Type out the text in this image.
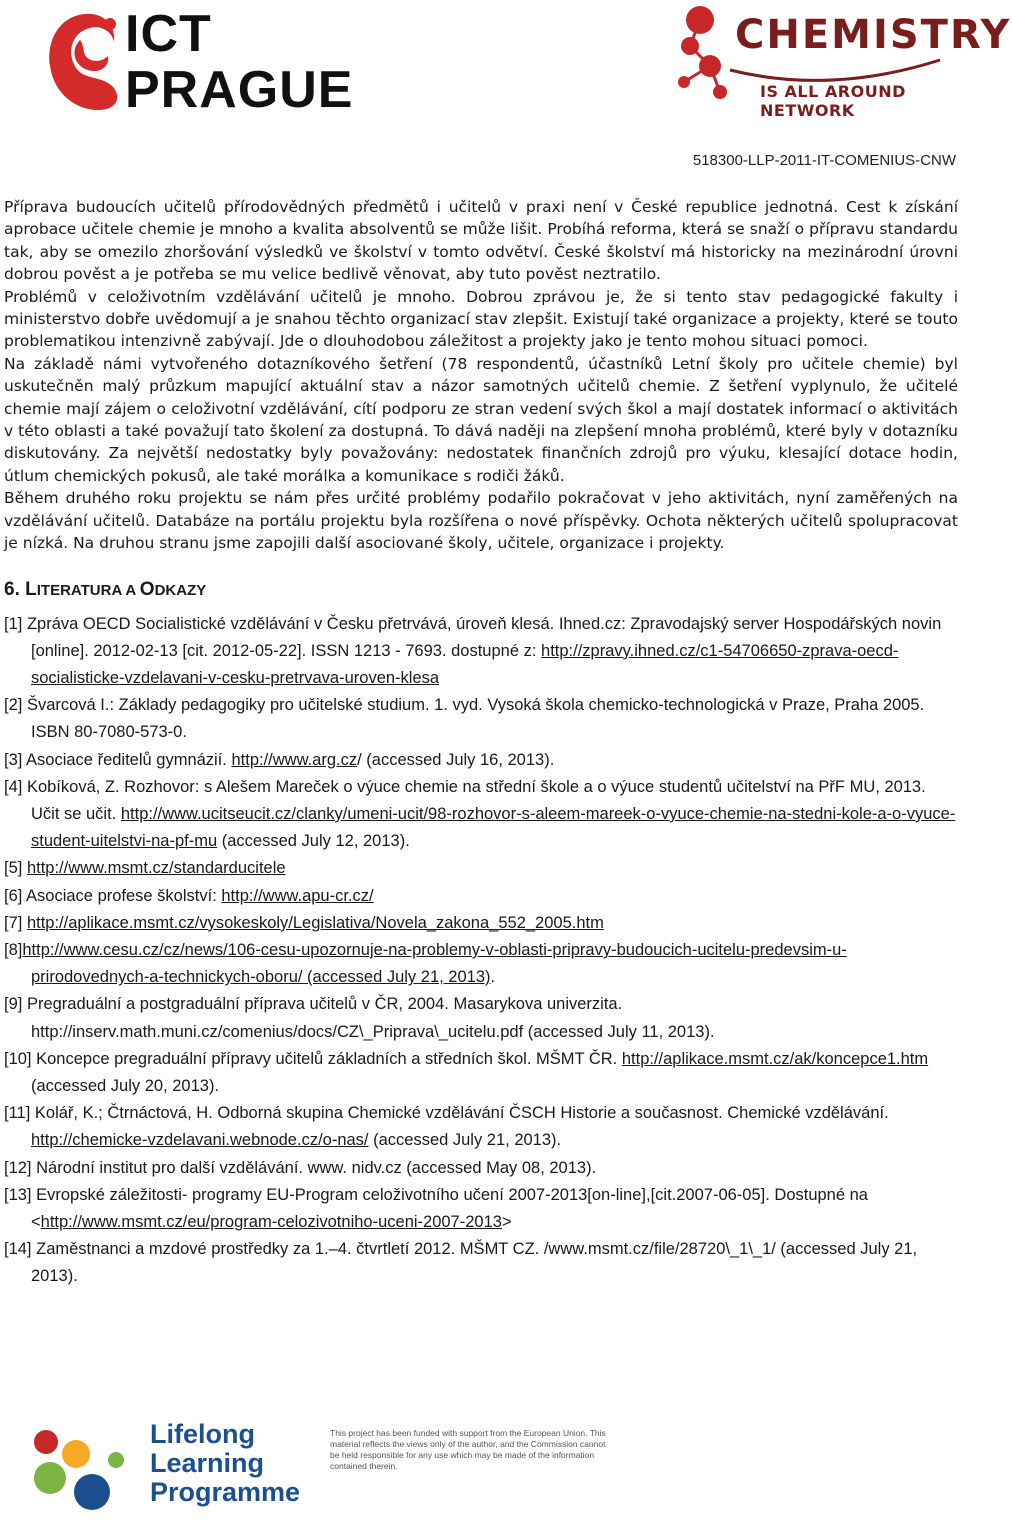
ICT
PRAGUE
CHEMISTRY
IS ALL AROUND NETWORK
518300-LLP-2011-IT-COMENIUS-CNW

Příprava budoucích učitelů přírodovědných předmětů i učitelů v praxi není v České republice jednotná. Cest k získání aprobace učitele chemie je mnoho a kvalita absolventů se může lišit. Probíhá reforma, která se snaží o přípravu standardu tak, aby se omezilo zhoršování výsledků ve školství v tomto odvětví. České školství má historicky na mezinárodní úrovni dobrou pověst a je potřeba se mu velice bedlivě věnovat, aby tuto pověst neztratilo.

Problémů v celoživotním vzdělávání učitelů je mnoho. Dobrou zprávou je, že si tento stav pedagogické fakulty i ministerstvo dobře uvědomují a je snahou těchto organizací stav zlepšit. Existují také organizace a projekty, které se touto problematikou intenzivně zabývají. Jde o dlouhodobou záležitost a projekty jako je tento mohou situaci pomoci.

Na základě námi vytvořeného dotazníkového šetření (78 respondentů, účastníků Letní školy pro učitele chemie) byl uskutečněn malý průzkum mapující aktuální stav a názor samotných učitelů chemie. Z šetření vyplynulo, že učitelé chemie mají zájem o celoživotní vzdělávání, cítí podporu ze stran vedení svých škol a mají dostatek informací o aktivitách v této oblasti a také považují tato školení za dostupná. To dává naději na zlepšení mnoha problémů, které byly v dotazníku diskutovány. Za největší nedostatky byly považovány: nedostatek finančních zdrojů pro výuku, klesající dotace hodin, útlum chemických pokusů, ale také morálka a komunikace s rodiči žáků.

Během druhého roku projektu se nám přes určité problémy podařilo pokračovat v jeho aktivitách, nyní zaměřených na vzdělávání učitelů. Databáze na portálu projektu byla rozšířena o nové příspěvky. Ochota některých učitelů spolupracovat je nízká. Na druhou stranu jsme zapojili další asociované školy, učitele, organizace i projekty.

6. LITERATURA A ODKAZY
[1] Zpráva OECD Socialistické vzdělávání v Česku přetrvává, úroveň klesá. Ihned.cz: Zpravodajský server Hospodářských novin [online]. 2012-02-13 [cit. 2012-05-22]. ISSN 1213 - 7693. dostupné z: http://zpravy.ihned.cz/c1-54706650-zprava-oecd-socialisticke-vzdelavani-v-cesku-pretrvava-uroven-klesa
[2] Švarcová I.: Základy pedagogiky pro učitelské studium. 1. vyd. Vysoká škola chemicko-technologická v Praze, Praha 2005. ISBN 80-7080-573-0.
[3] Asociace ředitelů gymnázií. http://www.arg.cz/ (accessed July 16, 2013).
[4] Kobíková, Z. Rozhovor: s Alešem Mareček o výuce chemie na střední škole a o výuce studentů učitelství na PřF MU, 2013. Učit se učit. http://www.ucitseucit.cz/clanky/umeni-ucit/98-rozhovor-s-aleem-mareek-o-vyuce-chemie-na-stedni-kole-a-o-vyuce-student-uitelstvi-na-pf-mu (accessed July 12, 2013).
[5] http://www.msmt.cz/standarducitele
[6] Asociace profese školství: http://www.apu-cr.cz/
[7] http://aplikace.msmt.cz/vysokeskoly/Legislativa/Novela_zakona_552_2005.htm
[8]http://www.cesu.cz/cz/news/106-cesu-upozornuje-na-problemy-v-oblasti-pripravy-budoucich-ucitelu-predevsim-u-prirodovednych-a-technickych-oboru/ (accessed July 21, 2013).
[9] Pregraduální a postgraduální příprava učitelů v ČR, 2004. Masarykova univerzita. http://inserv.math.muni.cz/comenius/docs/CZ\_Priprava\_ucitelu.pdf (accessed July 11, 2013).
[10] Koncepce pregraduální přípravy učitelů základních a středních škol. MŠMT ČR. http://aplikace.msmt.cz/ak/koncepce1.htm (accessed July 20, 2013).
[11] Kolář, K.; Čtrnáctová, H. Odborná skupina Chemické vzdělávání ČSCH Historie a současnost. Chemické vzdělávání. http://chemicke-vzdelavani.webnode.cz/o-nas/ (accessed July 21, 2013).
[12] Národní institut pro další vzdělávání. www. nidv.cz (accessed May 08, 2013).
[13] Evropské záležitosti- programy EU-Program celoživotního učení 2007-2013[on-line],[cit.2007-06-05]. Dostupné na <http://www.msmt.cz/eu/program-celozivotniho-uceni-2007-2013>
[14] Zaměstnanci a mzdové prostředky za 1.–4. čtvrtletí 2012. MŠMT CZ. /www.msmt.cz/file/28720\_1\_1/ (accessed July 21, 2013).
Lifelong
Learning
Programme
This project has been funded with support from the European Union. This material reflects the views only of the author, and the Commission cannot be held responsible for any use which may be made of the information contained therein.
